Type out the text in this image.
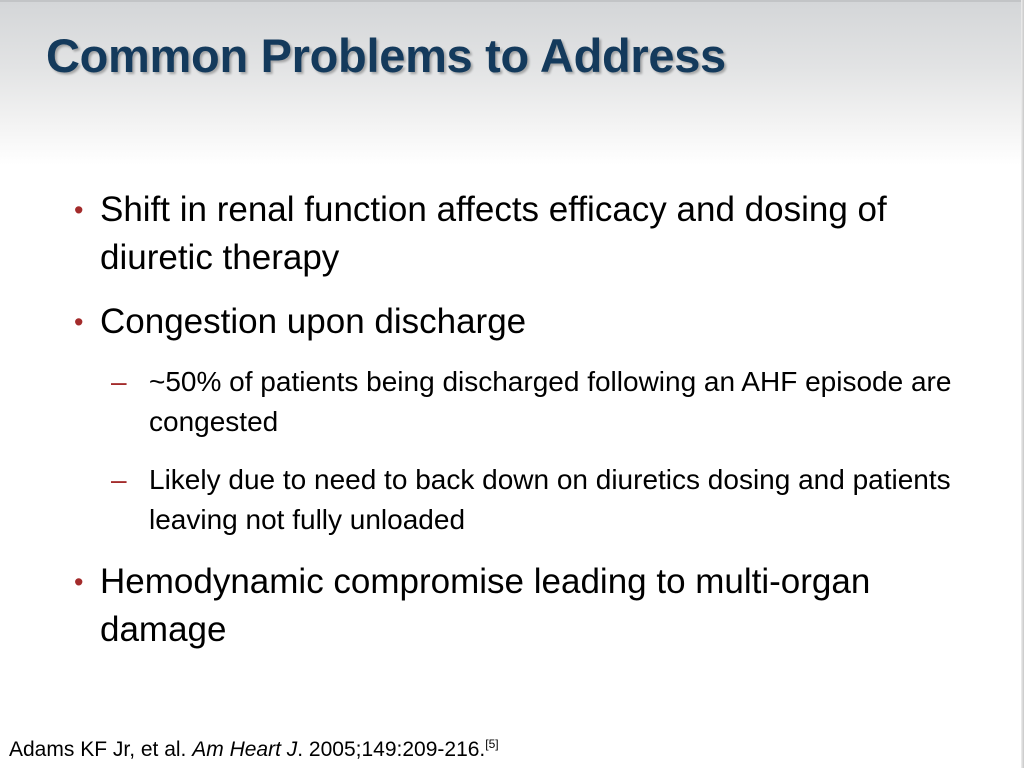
Common Problems to Address
• Shift in renal function affects efficacy and dosing of diuretic therapy
• Congestion upon discharge
– ~50% of patients being discharged following an AHF episode are congested
– Likely due to need to back down on diuretics dosing and patients leaving not fully unloaded
• Hemodynamic compromise leading to multi-organ damage
Adams KF Jr, et al. Am Heart J. 2005;149:209-216.[5]
